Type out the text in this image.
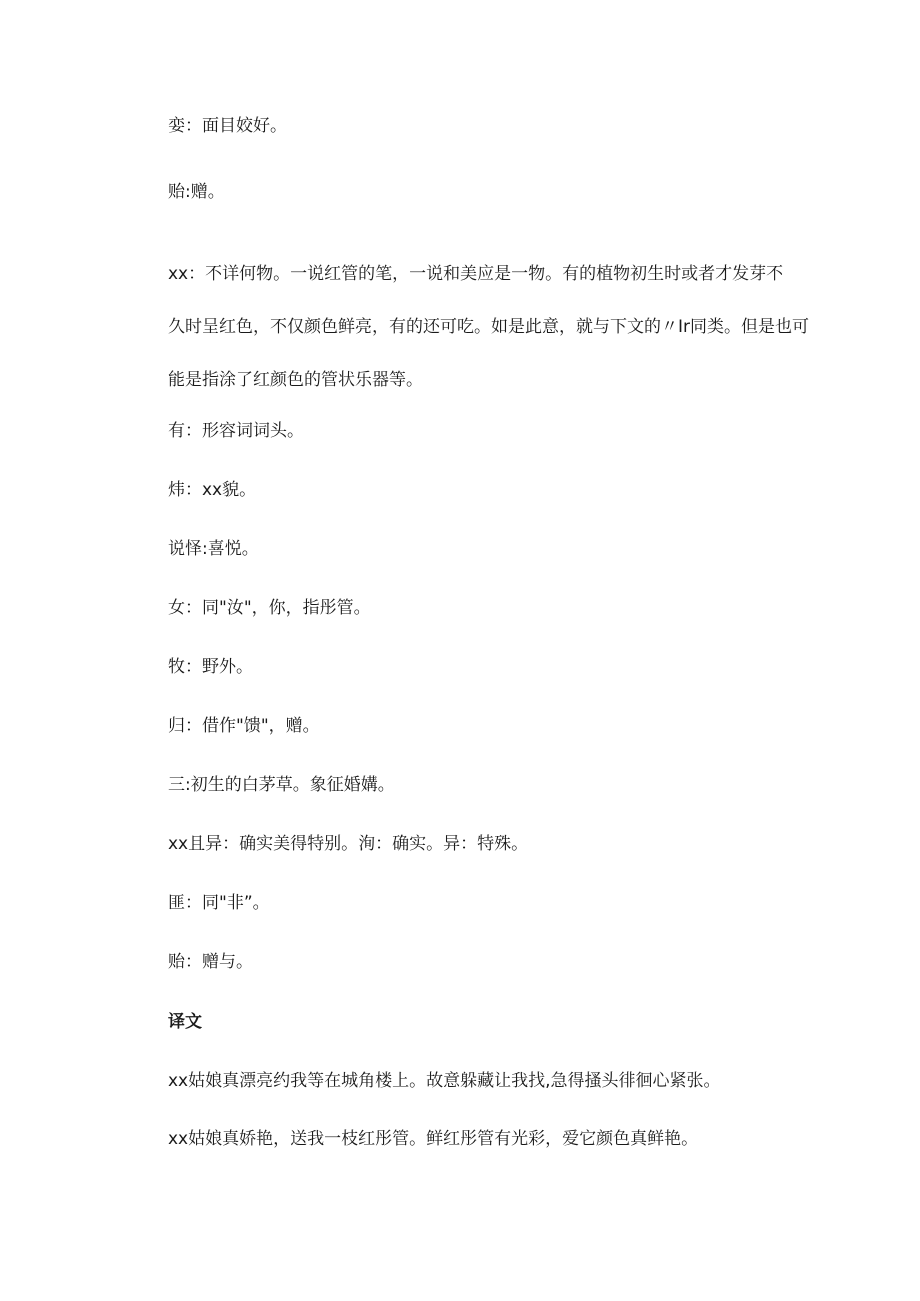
娈：面目姣好。
贻:赠。
xx：不详何物。一说红管的笔，一说和美应是一物。有的植物初生时或者才发芽不
久时呈红色，不仅颜色鲜亮，有的还可吃。如是此意，就与下文的〃Ir同类。但是也可
能是指涂了红颜色的管状乐器等。
有：形容词词头。
炜：xx貌。
说怿:喜悦。
女：同"汝"，你，指彤管。
牧：野外。
归：借作"馈"，赠。
三:初生的白茅草。象征婚媾。
xx且异：确实美得特别。洵：确实。异：特殊。
匪：同"非”。
贻：赠与。
译文
xx姑娘真漂亮约我等在城角楼上。故意躲藏让我找,急得搔头徘徊心紧张。
xx姑娘真娇艳，送我一枝红彤管。鲜红彤管有光彩，爱它颜色真鲜艳。
